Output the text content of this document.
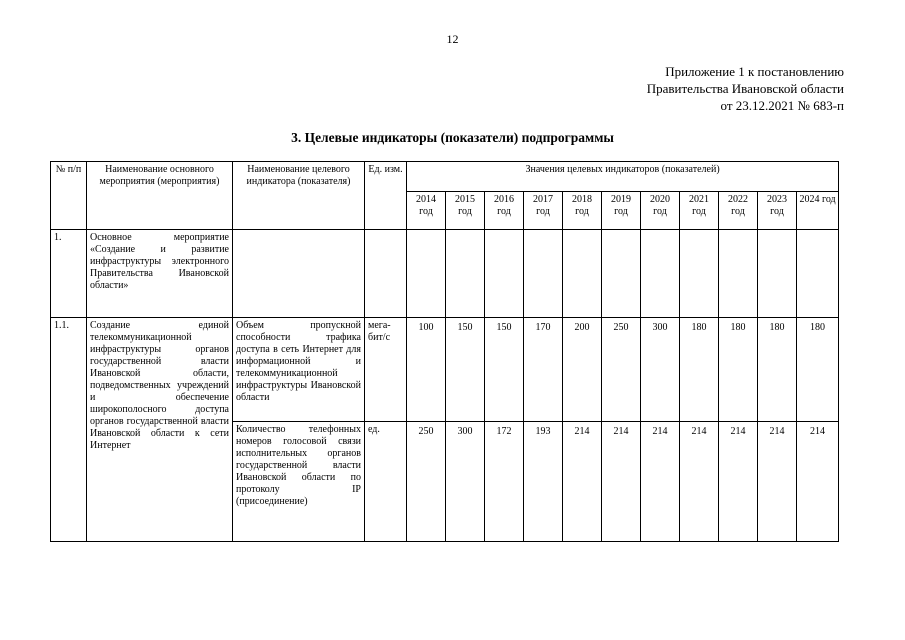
12
Приложение 1 к постановлению
Правительства Ивановской области
от 23.12.2021 № 683-п
3. Целевые индикаторы (показатели) подпрограммы
№ п/п	Наименование основного мероприятия (мероприятия)	Наименование целевого индикатора (показателя)	Ед. изм.	Значения целевых индикаторов (показателей)										
				2014 год	2015 год	2016 год	2017 год	2018 год	2019 год	2020 год	2021 год	2022 год	2023 год	2024 год
1.	Основное мероприятие «Создание и развитие инфраструктуры электронного Правительства Ивановской области»													
1.1.	Создание единой телекоммуникационной инфраструктуры органов государственной власти Ивановской области, подведомственных учреждений и обеспечение широкополосного доступа органов государственной власти Ивановской области к сети Интернет	Объем пропускной способности трафика доступа в сеть Интернет для информационной и телекоммуникационной инфраструктуры Ивановской области	мега-бит/с	100	150	150	170	200	250	300	180	180	180	180
		Количество телефонных номеров голосовой связи исполнительных органов государственной власти Ивановской области по протоколу IP (присоединение)	ед.	250	300	172	193	214	214	214	214	214	214	214
